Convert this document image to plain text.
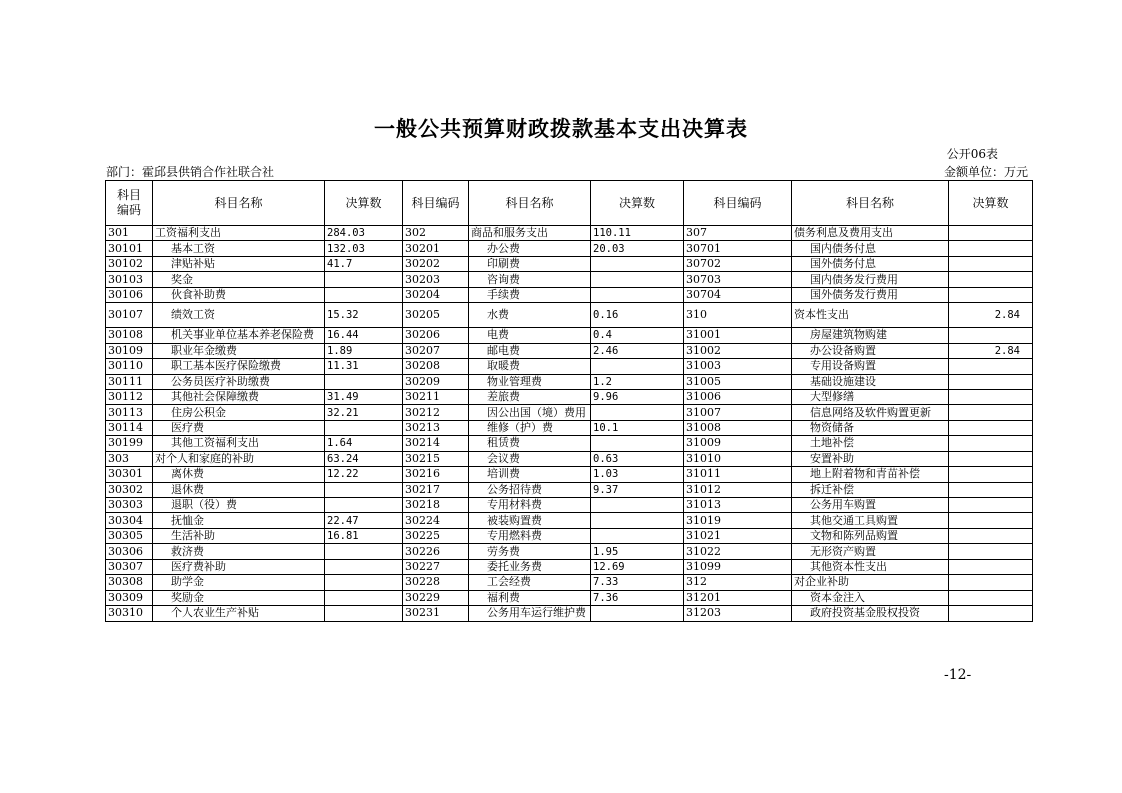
一般公共预算财政拨款基本支出决算表
公开06表
部门：霍邱县供销合作社联合社	金额单位：万元
科目
编码	科目名称	决算数	科目编码	科目名称	决算数	科目编码	科目名称	决算数
301	工资福利支出	284.03	302	商品和服务支出	110.11	307	债务利息及费用支出	
30101	基本工资	132.03	30201	办公费	20.03	30701	国内债务付息	
30102	津贴补贴	41.7	30202	印刷费		30702	国外债务付息	
30103	奖金		30203	咨询费		30703	国内债务发行费用	
30106	伙食补助费		30204	手续费		30704	国外债务发行费用	
30107	绩效工资	15.32	30205	水费	0.16	310	资本性支出	2.84
30108	机关事业单位基本养老保险费	16.44	30206	电费	0.4	31001	房屋建筑物购建	
30109	职业年金缴费	1.89	30207	邮电费	2.46	31002	办公设备购置	2.84
30110	职工基本医疗保险缴费	11.31	30208	取暖费		31003	专用设备购置	
30111	公务员医疗补助缴费		30209	物业管理费	1.2	31005	基础设施建设	
30112	其他社会保障缴费	31.49	30211	差旅费	9.96	31006	大型修缮	
30113	住房公积金	32.21	30212	因公出国（境）费用		31007	信息网络及软件购置更新	
30114	医疗费		30213	维修（护）费	10.1	31008	物资储备	
30199	其他工资福利支出	1.64	30214	租赁费		31009	土地补偿	
303	对个人和家庭的补助	63.24	30215	会议费	0.63	31010	安置补助	
30301	离休费	12.22	30216	培训费	1.03	31011	地上附着物和青苗补偿	
30302	退休费		30217	公务招待费	9.37	31012	拆迁补偿	
30303	退职（役）费		30218	专用材料费		31013	公务用车购置	
30304	抚恤金	22.47	30224	被装购置费		31019	其他交通工具购置	
30305	生活补助	16.81	30225	专用燃料费		31021	文物和陈列品购置	
30306	救济费		30226	劳务费	1.95	31022	无形资产购置	
30307	医疗费补助		30227	委托业务费	12.69	31099	其他资本性支出	
30308	助学金		30228	工会经费	7.33	312	对企业补助	
30309	奖励金		30229	福利费	7.36	31201	资本金注入	
30310	个人农业生产补贴		30231	公务用车运行维护费		31203	政府投资基金股权投资	
-12-
